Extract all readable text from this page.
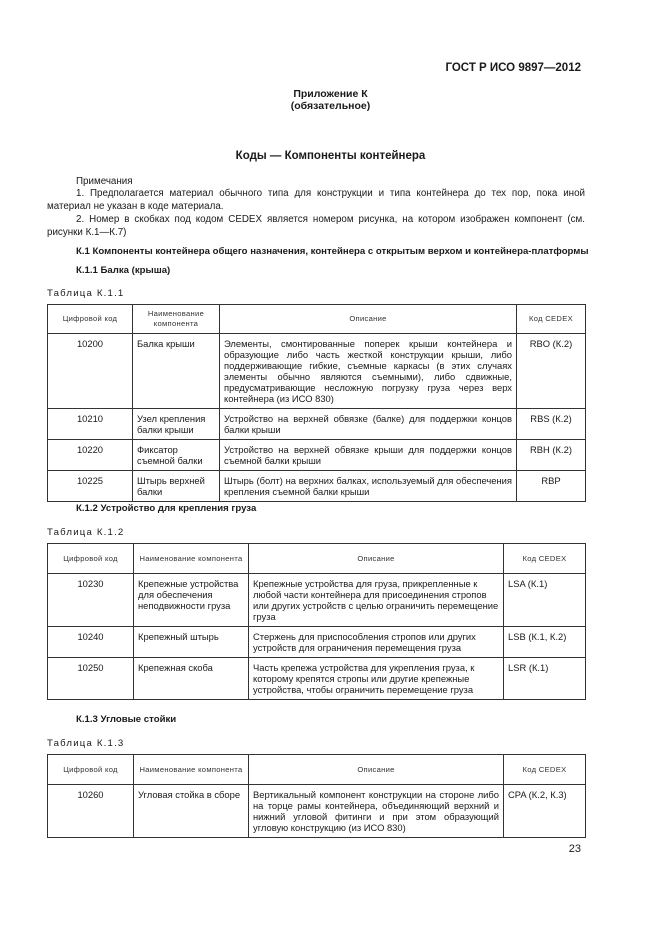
ГОСТ Р ИСО 9897—2012
Приложение К
(обязательное)
Коды — Компоненты контейнера
Примечания
1. Предполагается материал обычного типа для конструкции и типа контейнера до тех пор, пока иной материал не указан в коде материала.
2. Номер в скобках под кодом CEDEX является номером рисунка, на котором изображен компонент (см. рисунки К.1—К.7)
К.1 Компоненты контейнера общего назначения, контейнера с открытым верхом и контейнера-платформы
К.1.1 Балка (крыша)
Таблица К.1.1
Цифровой код	Наименование компонента	Описание	Код CEDEX
10200	Балка крыши	Элементы, смонтированные поперек крыши контейнера и образующие либо часть жесткой конструкции крыши, либо поддерживающие гибкие, съемные каркасы (в этих случаях элементы обычно являются съемными), либо сдвижные, предусматривающие несложную погрузку груза через верх контейнера (из ИСО 830)	RBO (К.2)
10210	Узел крепления балки крыши	Устройство на верхней обвязке (балке) для поддержки концов балки крыши	RBS (К.2)
10220	Фиксатор съемной балки	Устройство на верхней обвязке крыши для поддержки концов съемной балки крыши	RBH (К.2)
10225	Штырь верхней балки	Штырь (болт) на верхних балках, используемый для обеспечения крепления съемной балки крыши	RBP
К.1.2 Устройство для крепления груза
Таблица К.1.2
Цифровой код	Наименование компонента	Описание	Код CEDEX
10230	Крепежные устройства для обеспечения неподвижности груза	Крепежные устройства для груза, прикрепленные к любой части контейнера для присоединения стропов или других устройств с целью ограничить перемещение груза	LSA (К.1)
10240	Крепежный штырь	Стержень для приспособления стропов или других устройств для ограничения перемещения груза	LSB (К.1, К.2)
10250	Крепежная скоба	Часть крепежа устройства для укрепления груза, к которому крепятся стропы или другие крепежные устройства, чтобы ограничить перемещение груза	LSR (К.1)
К.1.3 Угловые стойки
Таблица К.1.3
Цифровой код	Наименование компонента	Описание	Код CEDEX
10260	Угловая стойка в сборе	Вертикальный компонент конструкции на стороне либо на торце рамы контейнера, объединяющий верхний и нижний угловой фитинги и при этом образующий угловую конструкцию (из ИСО 830)	CPA (К.2, К.3)
23
